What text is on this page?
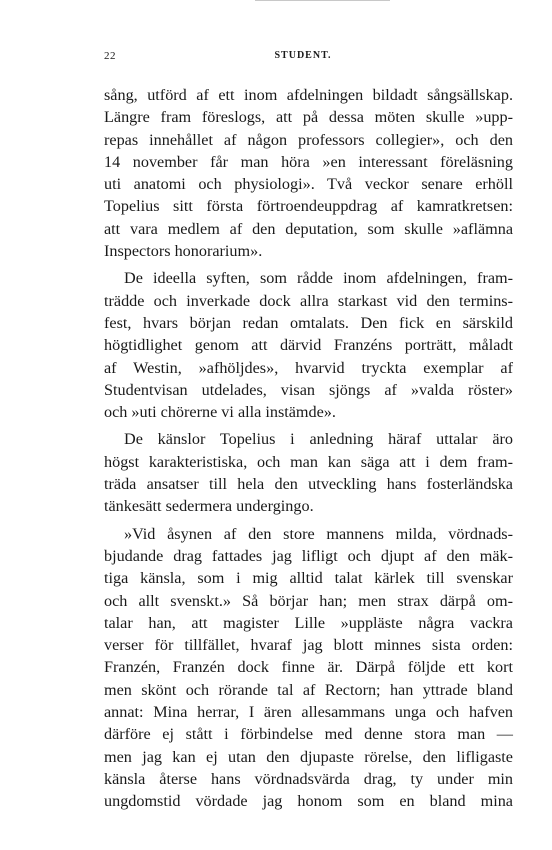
22	STUDENT.
sång, utförd af ett inom afdelningen bildadt sångsällskap.
Längre fram föreslogs, att på dessa möten skulle »upp-
repas innehållet af någon professors collegier», och den
14 november får man höra »en interessant föreläsning
uti anatomi och physiologi». Två veckor senare erhöll
Topelius sitt första förtroendeuppdrag af kamratkretsen:
att vara medlem af den deputation, som skulle »aflämna
Inspectors honorarium».
De ideella syften, som rådde inom afdelningen, fram-
trädde och inverkade dock allra starkast vid den termins-
fest, hvars början redan omtalats. Den fick en särskild
högtidlighet genom att därvid Franzéns porträtt, måladt
af Westin, »afhöljdes», hvarvid tryckta exemplar af
Studentvisan utdelades, visan sjöngs af »valda röster»
och »uti chörerne vi alla instämde».
De känslor Topelius i anledning häraf uttalar äro
högst karakteristiska, och man kan säga att i dem fram-
träda ansatser till hela den utveckling hans fosterländska
tänkesätt sedermera undergingo.
»Vid åsynen af den store mannens milda, vördnads-
bjudande drag fattades jag lifligt och djupt af den mäk-
tiga känsla, som i mig alltid talat kärlek till svenskar
och allt svenskt.» Så börjar han; men strax därpå om-
talar han, att magister Lille »uppläste några vackra
verser för tillfället, hvaraf jag blott minnes sista orden:
Franzén, Franzén dock finne är. Därpå följde ett kort
men skönt och rörande tal af Rectorn; han yttrade bland
annat: Mina herrar, I ären allesammans unga och hafven
därföre ej stått i förbindelse med denne stora man —
men jag kan ej utan den djupaste rörelse, den lifligaste
känsla återse hans vördnadsvärda drag, ty under min
ungdomstid vördade jag honom som en bland mina
